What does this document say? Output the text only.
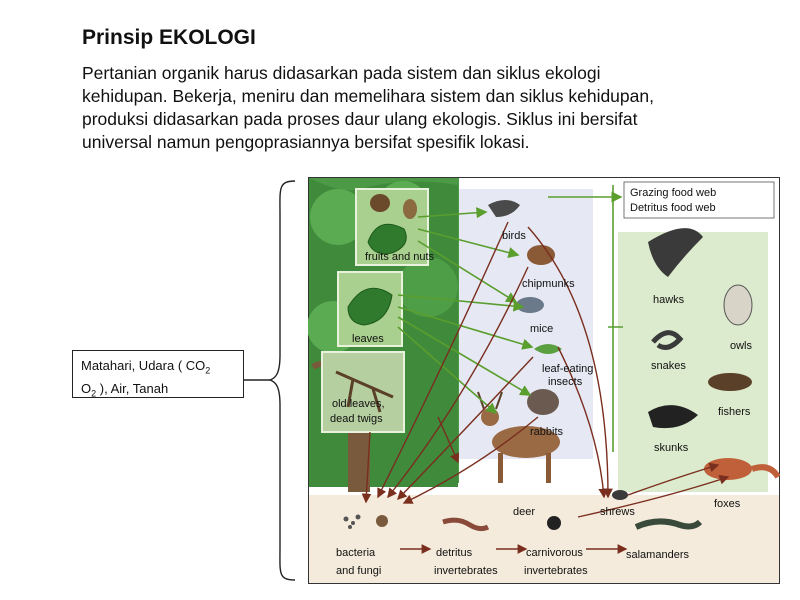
Prinsip EKOLOGI
Pertanian organik harus didasarkan pada sistem dan siklus ekologi
kehidupan. Bekerja, meniru dan memelihara sistem dan siklus kehidupan,
produksi didasarkan pada proses daur ulang ekologis. Siklus ini bersifat
universal namun pengoprasiannya bersifat spesifik lokasi.
Matahari, Udara ( $CO_2$
$O_2$ ), Air, Tanah
Grazing food web
Detritus food web
fruits and nuts
leaves
old leaves,
dead twigs
birds
chipmunks
mice
leaf-eating
insects
rabbits
deer
hawks
owls
snakes
fishers
skunks
foxes
shrews
salamanders
bacteria
and fungi
detritus
invertebrates
carnivorous
invertebrates
